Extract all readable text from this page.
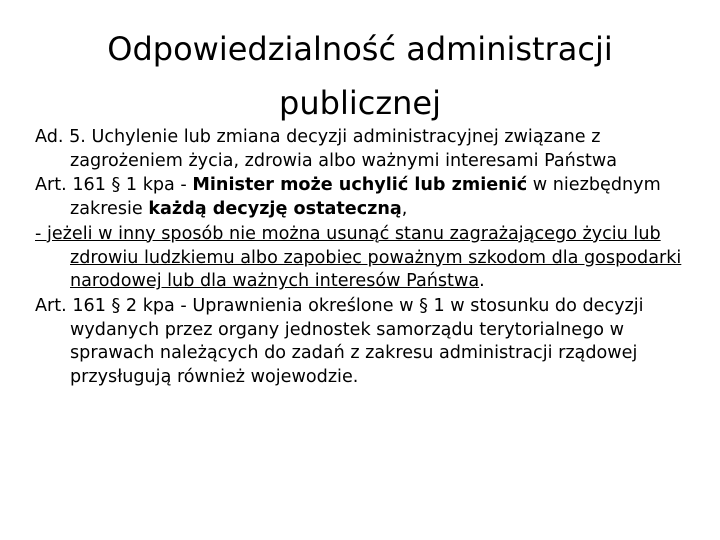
Odpowiedzialność administracji
publicznej

Ad. 5. Uchylenie lub zmiana decyzji administracyjnej związane z zagrożeniem życia, zdrowia albo ważnymi interesami Państwa

Art. 161 § 1 kpa - Minister może uchylić lub zmienić w niezbędnym zakresie każdą decyzję ostateczną,

- jeżeli w inny sposób nie można usunąć stanu zagrażającego życiu lub zdrowiu ludzkiemu albo zapobiec poważnym szkodom dla gospodarki narodowej lub dla ważnych interesów Państwa.

Art. 161 § 2 kpa - Uprawnienia określone w § 1 w stosunku do decyzji wydanych przez organy jednostek samorządu terytorialnego w sprawach należących do zadań z zakresu administracji rządowej przysługują również wojewodzie.
